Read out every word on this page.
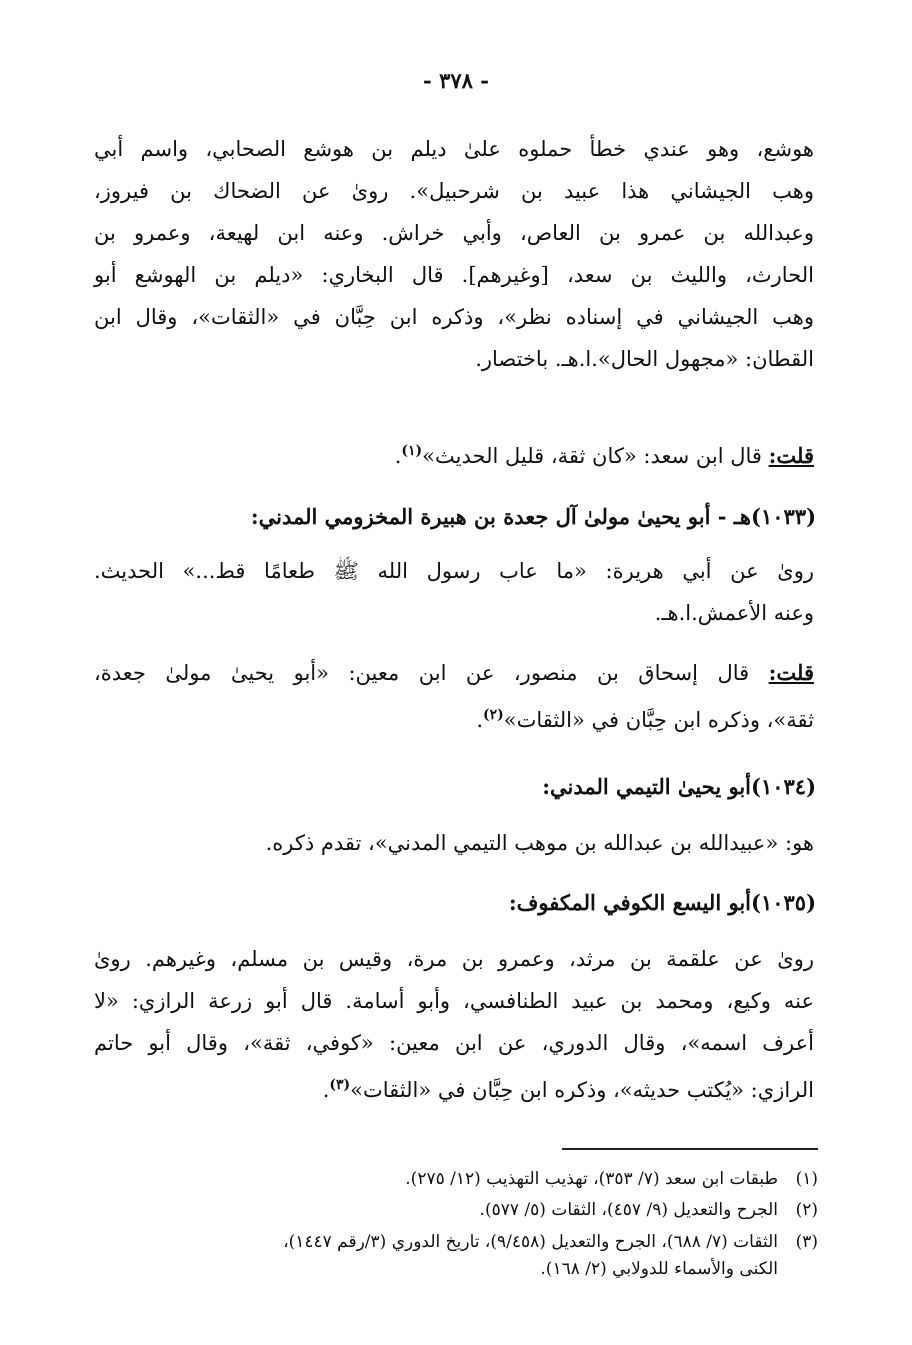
- ٣٧٨ -
هوشع، وهو عندي خطأ حملوه علىٰ ديلم بن هوشع الصحابي، واسم أبي
وهب الجيشاني هذا عبيد بن شرحبيل». روىٰ عن الضحاك بن فيروز،
وعبدالله بن عمرو بن العاص، وأبي خراش. وعنه ابن لهيعة، وعمرو بن
الحارث، والليث بن سعد، [وغيرهم]. قال البخاري: «ديلم بن الهوشع أبو
وهب الجيشاني في إسناده نظر»، وذكره ابن حِبَّان في «الثقات»، وقال ابن
القطان: «مجهول الحال».ا.هـ. باختصار.
قلت: قال ابن سعد: «كان ثقة، قليل الحديث»$^{(١)}$.
(١٠٣٣)هـ - أبو يحيىٰ مولىٰ آل جعدة بن هبيرة المخزومي المدني:
روىٰ عن أبي هريرة: «ما عاب رسول الله ﷺ طعامًا قط...» الحديث.
وعنه الأعمش.ا.هـ.
قلت: قال إسحاق بن منصور، عن ابن معين: «أبو يحيىٰ مولىٰ جعدة،
ثقة»، وذكره ابن حِبَّان في «الثقات»$^{(٢)}$.
(١٠٣٤)أبو يحيىٰ التيمي المدني:
هو: «عبيدالله بن عبدالله بن موهب التيمي المدني»، تقدم ذكره.
(١٠٣٥)أبو اليسع الكوفي المكفوف:
روىٰ عن علقمة بن مرثد، وعمرو بن مرة، وقيس بن مسلم، وغيرهم. روىٰ
عنه وكيع، ومحمد بن عبيد الطنافسي، وأبو أسامة. قال أبو زرعة الرازي: «لا
أعرف اسمه»، وقال الدوري، عن ابن معين: «كوفي، ثقة»، وقال أبو حاتم
الرازي: «يُكتب حديثه»، وذكره ابن حِبَّان في «الثقات»$^{(٣)}$.
(١)طبقات ابن سعد (٧/ ٣٥٣)، تهذيب التهذيب (١٢/ ٢٧٥).
(٢)الجرح والتعديل (٩/ ٤٥٧)، الثقات (٥/ ٥٧٧).
(٣)الثقات (٧/ ٦٨٨)، الجرح والتعديل (٩/٤٥٨)، تاريخ الدوري (٣/رقم ١٤٤٧)،
الكنى والأسماء للدولابي (٢/ ١٦٨).
